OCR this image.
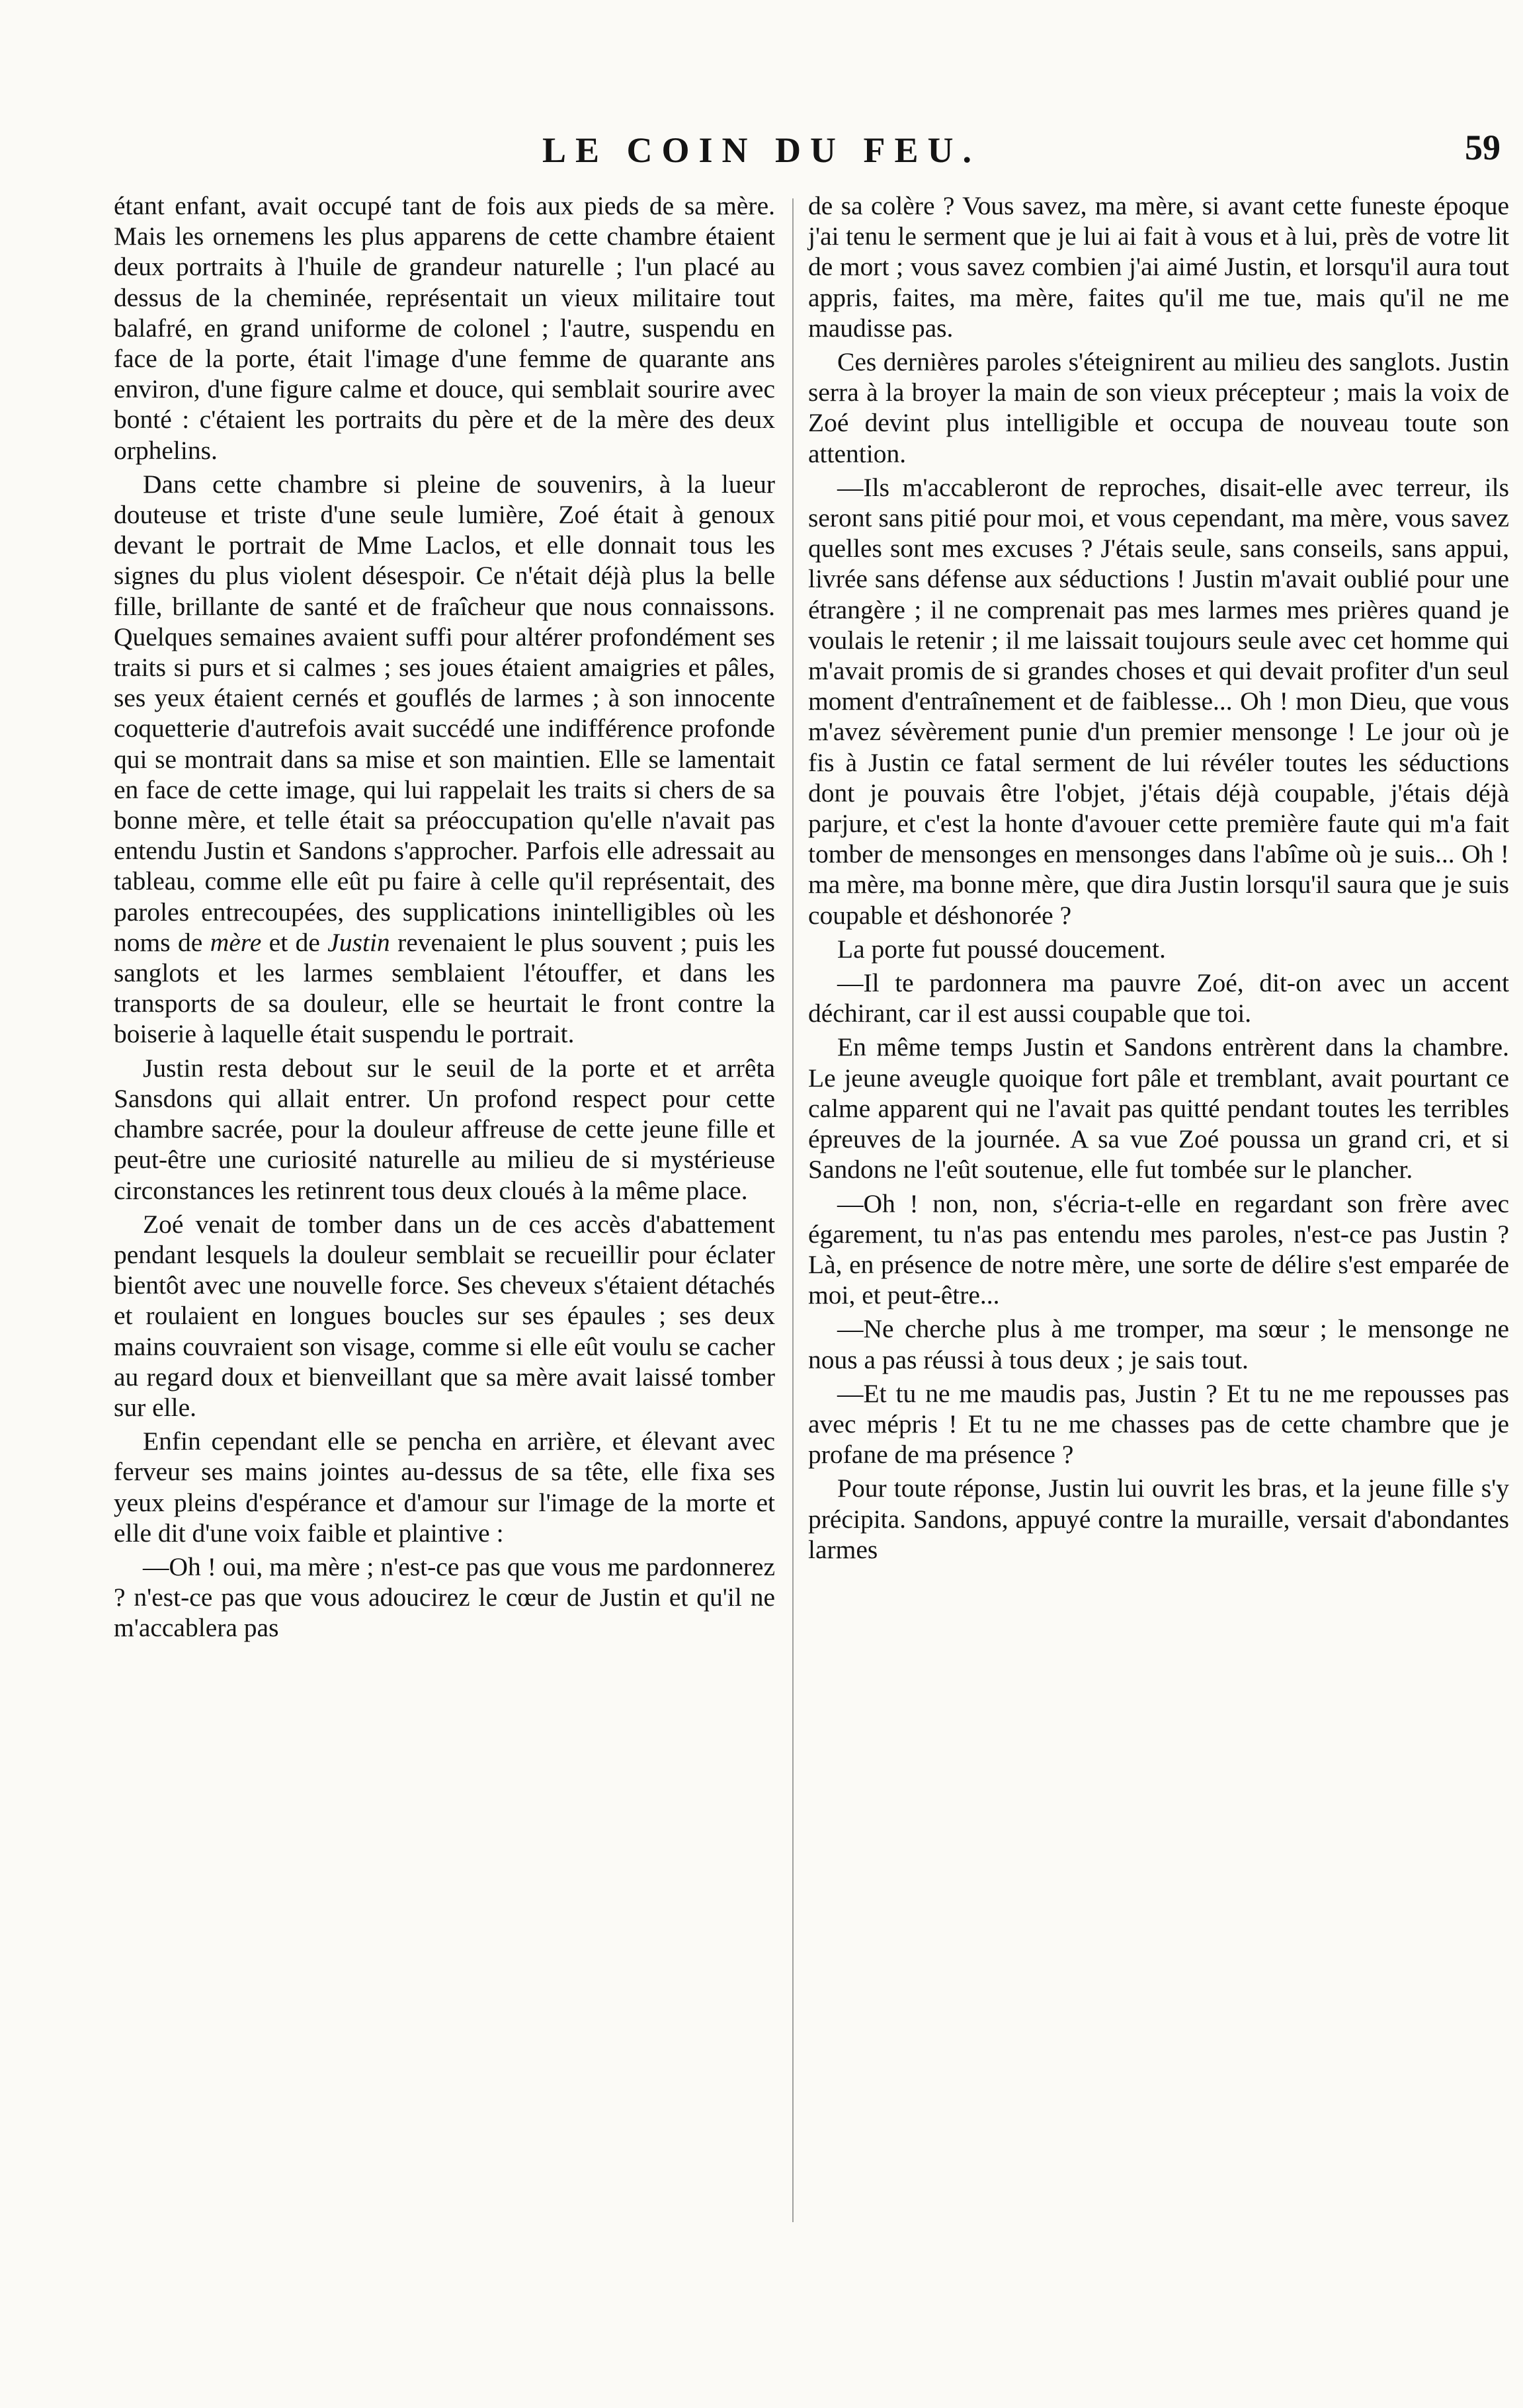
LE COIN DU FEU.	59

étant enfant, avait occupé tant de fois aux pieds de sa mère. Mais les ornemens les plus apparens de cette chambre étaient deux portraits à l'huile de grandeur naturelle ; l'un placé au dessus de la cheminée, représentait un vieux militaire tout balafré, en grand uniforme de colonel ; l'autre, suspendu en face de la porte, était l'image d'une femme de quarante ans environ, d'une figure calme et douce, qui semblait sourire avec bonté : c'étaient les portraits du père et de la mère des deux orphelins.

Dans cette chambre si pleine de souvenirs, à la lueur douteuse et triste d'une seule lumière, Zoé était à genoux devant le portrait de Mme Laclos, et elle donnait tous les signes du plus violent désespoir. Ce n'était déjà plus la belle fille, brillante de santé et de fraîcheur que nous connaissons. Quelques semaines avaient suffi pour altérer profondément ses traits si purs et si calmes ; ses joues étaient amaigries et pâles, ses yeux étaient cernés et gouflés de larmes ; à son innocente coquetterie d'autrefois avait succédé une indifférence profonde qui se montrait dans sa mise et son maintien. Elle se lamentait en face de cette image, qui lui rappelait les traits si chers de sa bonne mère, et telle était sa préoccupation qu'elle n'avait pas entendu Justin et Sandons s'approcher. Parfois elle adressait au tableau, comme elle eût pu faire à celle qu'il représentait, des paroles entrecoupées, des supplications inintelligibles où les noms de mère et de Justin revenaient le plus souvent ; puis les sanglots et les larmes semblaient l'étouffer, et dans les transports de sa douleur, elle se heurtait le front contre la boiserie à laquelle était suspendu le portrait.

Justin resta debout sur le seuil de la porte et et arrêta Sansdons qui allait entrer. Un profond respect pour cette chambre sacrée, pour la douleur affreuse de cette jeune fille et peut-être une curiosité naturelle au milieu de si mystérieuse circonstances les retinrent tous deux cloués à la même place.

Zoé venait de tomber dans un de ces accès d'abattement pendant lesquels la douleur semblait se recueillir pour éclater bientôt avec une nouvelle force. Ses cheveux s'étaient détachés et roulaient en longues boucles sur ses épaules ; ses deux mains couvraient son visage, comme si elle eût voulu se cacher au regard doux et bienveillant que sa mère avait laissé tomber sur elle.

Enfin cependant elle se pencha en arrière, et élevant avec ferveur ses mains jointes au-dessus de sa tête, elle fixa ses yeux pleins d'espérance et d'amour sur l'image de la morte et elle dit d'une voix faible et plaintive :

—Oh ! oui, ma mère ; n'est-ce pas que vous me pardonnerez ? n'est-ce pas que vous adoucirez le cœur de Justin et qu'il ne m'accablera pas

de sa colère ? Vous savez, ma mère, si avant cette funeste époque j'ai tenu le serment que je lui ai fait à vous et à lui, près de votre lit de mort ; vous savez combien j'ai aimé Justin, et lorsqu'il aura tout appris, faites, ma mère, faites qu'il me tue, mais qu'il ne me maudisse pas.

Ces dernières paroles s'éteignirent au milieu des sanglots. Justin serra à la broyer la main de son vieux précepteur ; mais la voix de Zoé devint plus intelligible et occupa de nouveau toute son attention.

—Ils m'accableront de reproches, disait-elle avec terreur, ils seront sans pitié pour moi, et vous cependant, ma mère, vous savez quelles sont mes excuses ? J'étais seule, sans conseils, sans appui, livrée sans défense aux séductions ! Justin m'avait oublié pour une étrangère ; il ne comprenait pas mes larmes mes prières quand je voulais le retenir ; il me laissait toujours seule avec cet homme qui m'avait promis de si grandes choses et qui devait profiter d'un seul moment d'entraînement et de faiblesse... Oh ! mon Dieu, que vous m'avez sévèrement punie d'un premier mensonge ! Le jour où je fis à Justin ce fatal serment de lui révéler toutes les séductions dont je pouvais être l'objet, j'étais déjà coupable, j'étais déjà parjure, et c'est la honte d'avouer cette première faute qui m'a fait tomber de mensonges en mensonges dans l'abîme où je suis... Oh ! ma mère, ma bonne mère, que dira Justin lorsqu'il saura que je suis coupable et déshonorée ?

La porte fut poussé doucement.

—Il te pardonnera ma pauvre Zoé, dit-on avec un accent déchirant, car il est aussi coupable que toi.

En même temps Justin et Sandons entrèrent dans la chambre. Le jeune aveugle quoique fort pâle et tremblant, avait pourtant ce calme apparent qui ne l'avait pas quitté pendant toutes les terribles épreuves de la journée. A sa vue Zoé poussa un grand cri, et si Sandons ne l'eût soutenue, elle fut tombée sur le plancher.

—Oh ! non, non, s'écria-t-elle en regardant son frère avec égarement, tu n'as pas entendu mes paroles, n'est-ce pas Justin ? Là, en présence de notre mère, une sorte de délire s'est emparée de moi, et peut-être...

—Ne cherche plus à me tromper, ma sœur ; le mensonge ne nous a pas réussi à tous deux ; je sais tout.

—Et tu ne me maudis pas, Justin ? Et tu ne me repousses pas avec mépris ! Et tu ne me chasses pas de cette chambre que je profane de ma présence ?

Pour toute réponse, Justin lui ouvrit les bras, et la jeune fille s'y précipita. Sandons, appuyé contre la muraille, versait d'abondantes larmes
